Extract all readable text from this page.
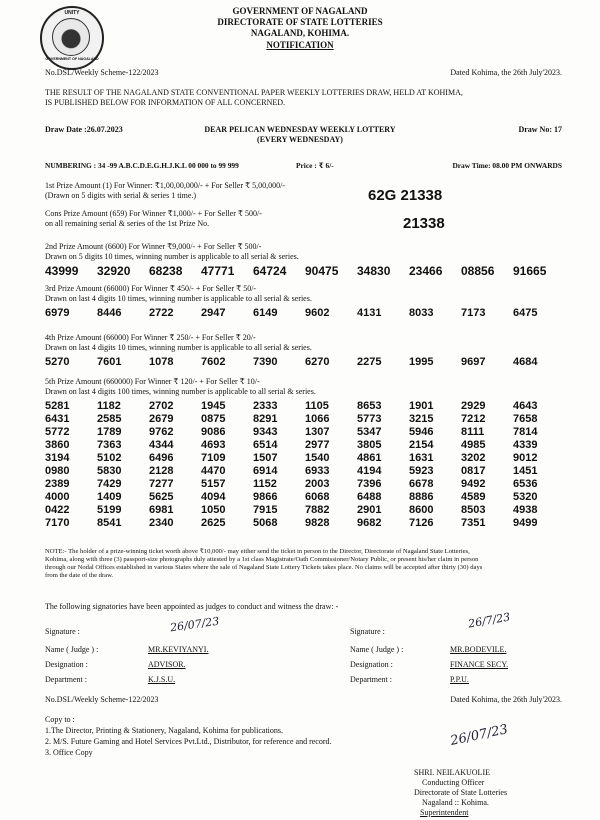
UNITY
GOVERNMENT OF NAGALAND
GOVERNMENT OF NAGALAND
DIRECTORATE OF STATE LOTTERIES
NAGALAND, KOHIMA.
NOTIFICATION
No.DSL/Weekly Scheme-122/2023	Dated Kohima, the 26th July'2023.
THE RESULT OF THE NAGALAND STATE CONVENTIONAL PAPER WEEKLY LOTTERIES DRAW, HELD AT KOHIMA,
IS PUBLISHED BELOW FOR INFORMATION OF ALL CONCERNED.
Draw Date :26.07.2023	DEAR PELICAN WEDNESDAY WEEKLY LOTTERY
(EVERY WEDNESDAY)
Draw No: 17
NUMBERING : 34 -99 A.B.C.D.E.G.H.J.K.L 00 000 to 99 999	Price : ₹ 6/-	Draw Time: 08.00 PM ONWARDS
1st Prize Amount (1) For Winner: ₹1,00,00,000/- + For Seller ₹ 5,00,000/-
(Drawn on 5 digits with serial & series 1 time.)	62G 21338
Cons Prize Amount (659) For Winner ₹1,000/- + For Seller ₹ 500/-
on all remaining serial & series of the 1st Prize No.	21338
2nd Prize Amount (6600) For Winner ₹9,000/- + For Seller ₹ 500/-
Drawn on 5 digits 10 times, winning number is applicable to all serial & series.
43999	32920	68238	47771	64724	90475	34830	23466	08856	91665
3rd Prize Amount (66000) For Winner ₹ 450/- + For Seller ₹ 50/-
Drawn on last 4 digits 10 times, winning number is applicable to all serial & series.
6979	8446	2722	2947	6149	9602	4131	8033	7173	6475
4th Prize Amount (66000) For Winner ₹ 250/- + For Seller ₹ 20/-
Drawn on last 4 digits 10 times, winning number is applicable to all serial & series.
5270	7601	1078	7602	7390	6270	2275	1995	9697	4684
5th Prize Amount (660000) For Winner ₹ 120/- + For Seller ₹ 10/-
Drawn on last 4 digits 100 times, winning number is applicable to all serial & series.
5281	1182	2702	1945	2333	1105	8653	1901	2929	4643
6431	2585	2679	0875	8291	1066	5773	3215	7212	7658
5772	1789	9762	9086	9343	1307	5347	5946	8111	7814
3860	7363	4344	4693	6514	2977	3805	2154	4985	4339
3194	5102	6496	7109	1507	1540	4861	1631	3202	9012
0980	5830	2128	4470	6914	6933	4194	5923	0817	1451
2389	7429	7277	5157	1152	2003	7396	6678	9492	6536
4000	1409	5625	4094	9866	6068	6488	8886	4589	5320
0422	5199	6981	1050	7915	7882	2901	8600	8503	4938
7170	8541	2340	2625	5068	9828	9682	7126	7351	9499
NOTE:- The holder of a prize-winning ticket worth above ₹10,000/- may either send the ticket in person to the Director, Directorate of Nagaland State Lotteries,
Kohima, along with three (3) passport-size photographs duly attested by a 1st class Magistrate/Oath Commissioner/Notary Public, or present his/her claim in person
through our Nodal Offices established in various States where the sale of Nagaland State Lottery Tickets takes place. No claims will be accepted after thirty (30) days
from the date of the draw.
The following signatories have been appointed as judges to conduct and witness the draw: -
Signature :	26/07/23
Name ( Judge ) :	MR.KEVIYANYI.
Designation :	ADVISOR.
Department :	K.J.S.U.
Signature :
26/7/23
Name ( Judge ) :	MR.BODEVILE.
Designation :	FINANCE SECY.
Department :	P.P.U.
No.DSL/Weekly Scheme-122/2023	Dated Kohima, the 26th July'2023.
Copy to :
1.The Director, Printing & Stationery, Nagaland, Kohima for publications.
2. M/S. Future Gaming and Hotel Services Pvt.Ltd., Distributor, for reference and record.
3. Office Copy
26/07/23
SHRI. NEILAKUOLIE
Conducting Officer
Directorate of State Lotteries
Nagaland :: Kohima.
Superintendent
